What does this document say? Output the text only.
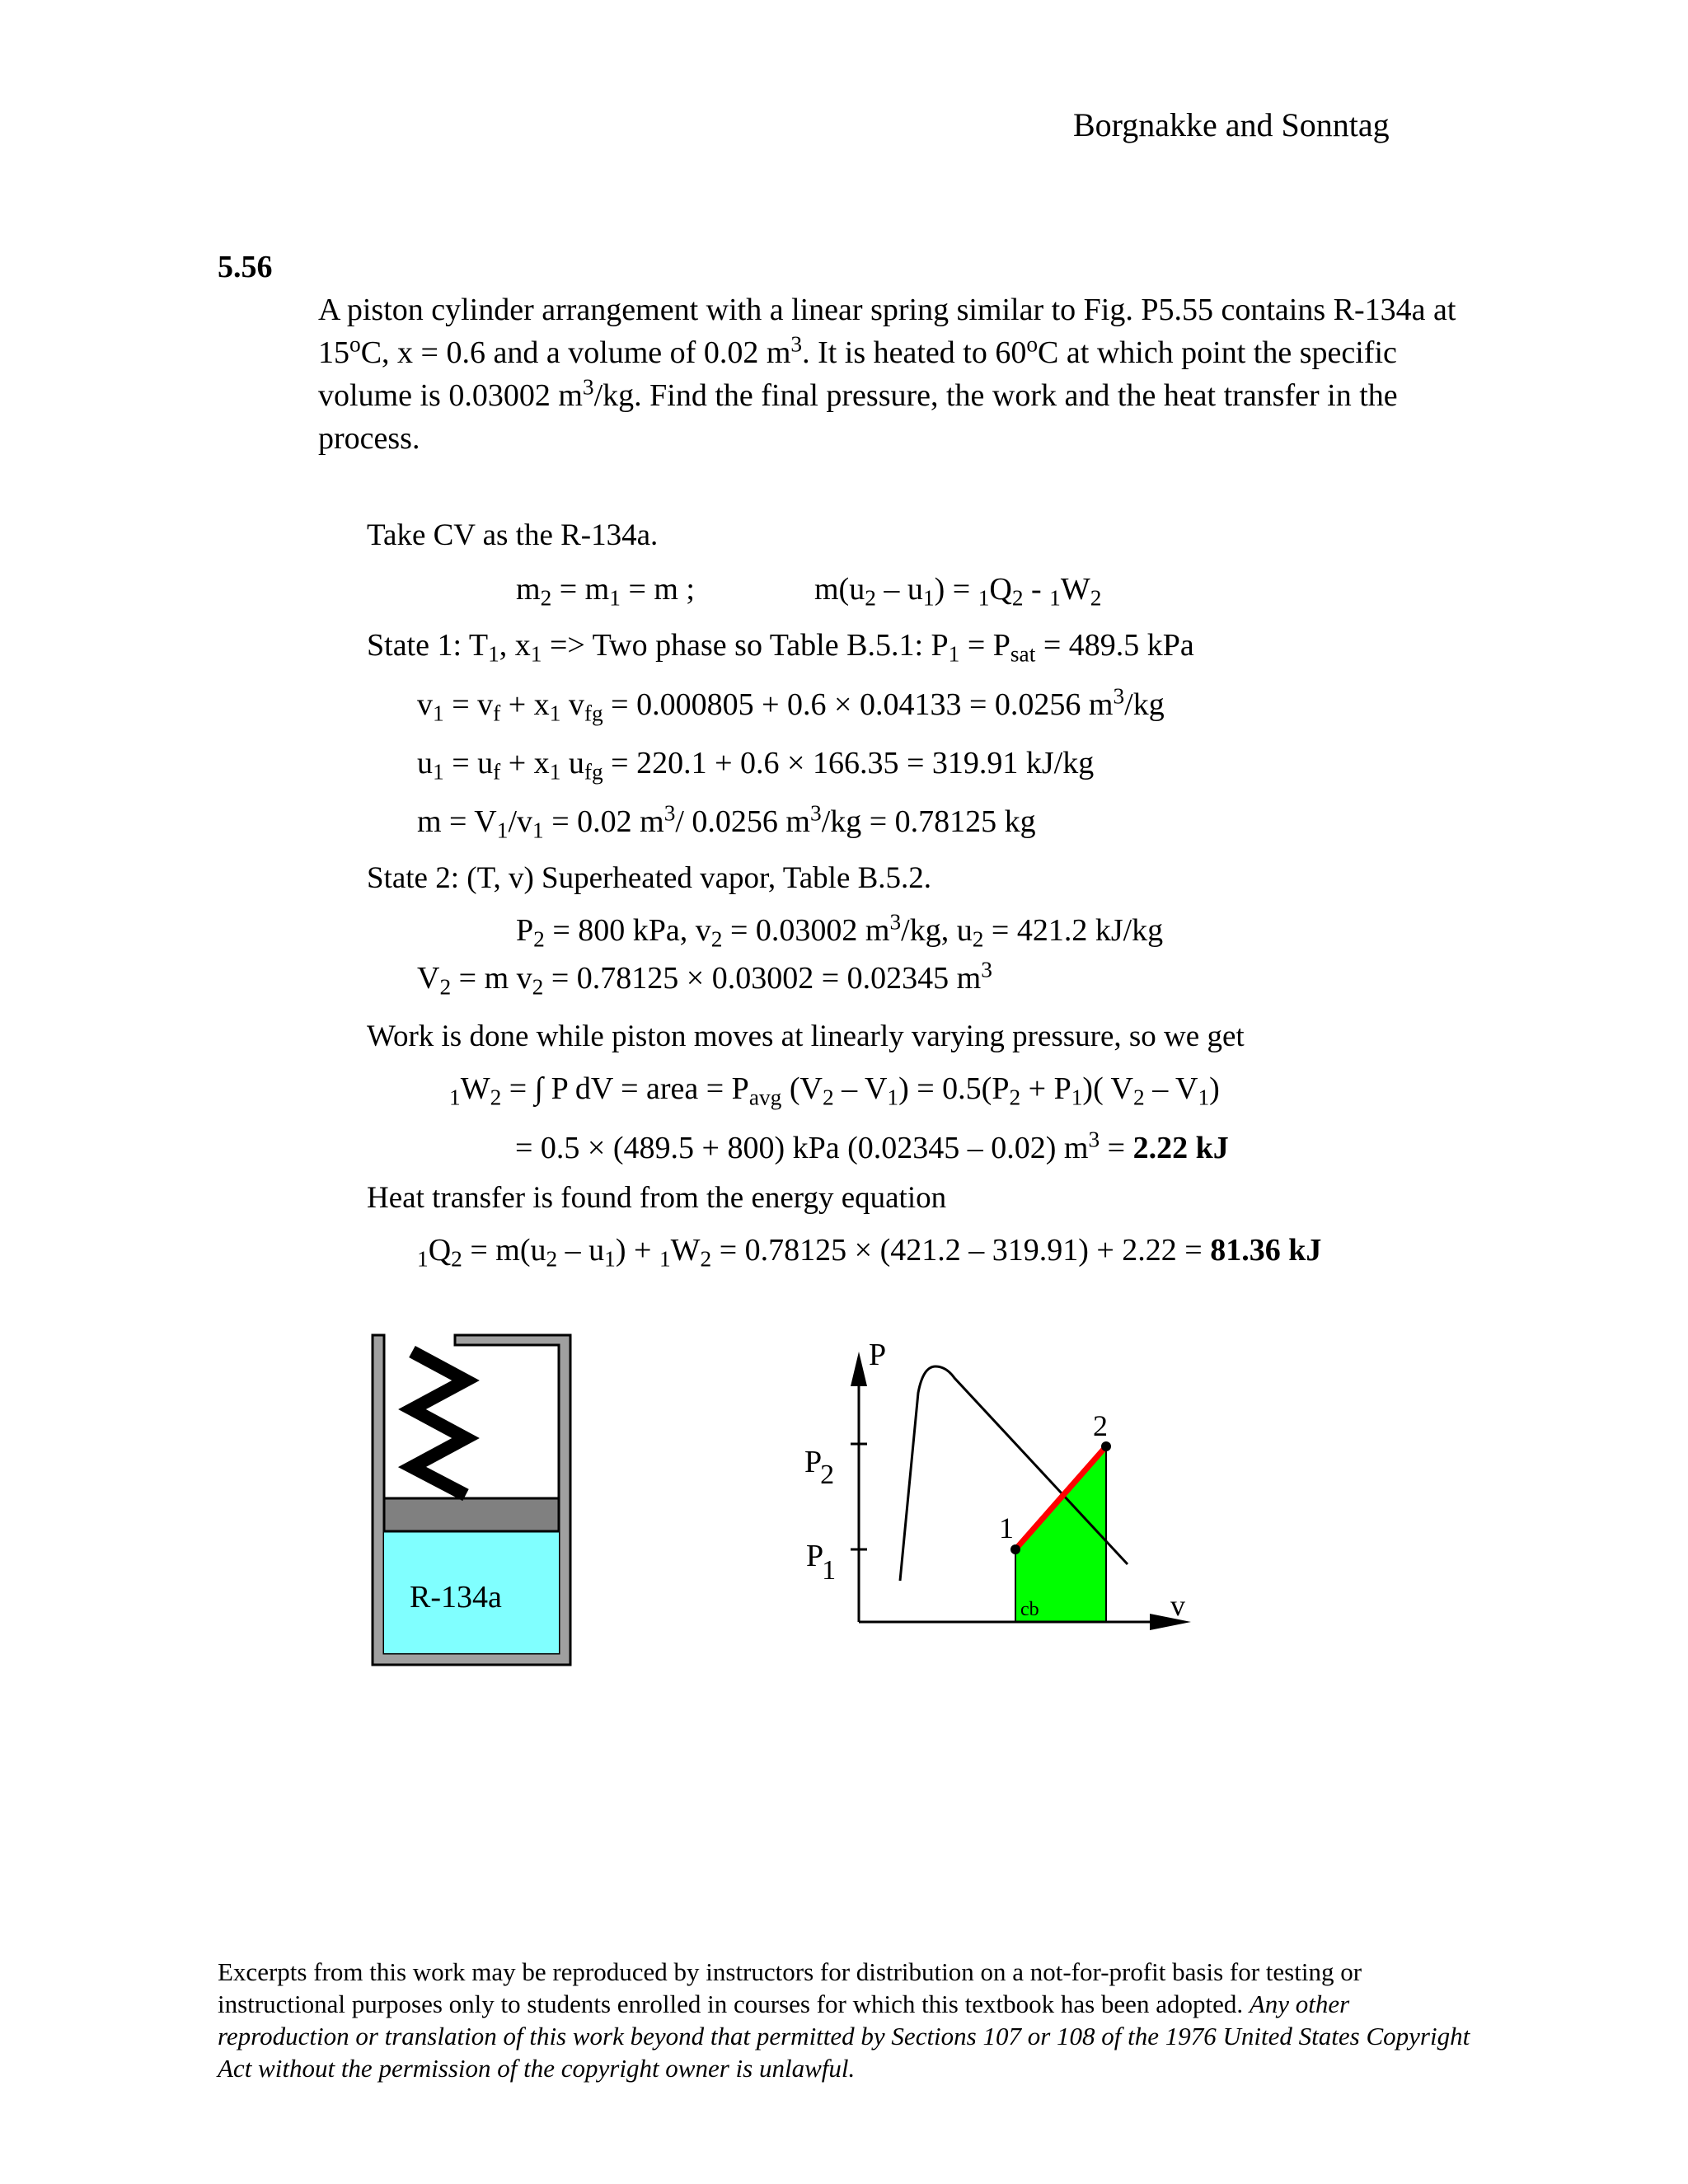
Borgnakke and Sonntag
5.56
A piston cylinder arrangement with a linear spring similar to Fig. P5.55 contains R-134a at 15$^o$C, x = 0.6 and a volume of 0.02 $m^3$. It is heated to 60$^o$C at which point the specific volume is 0.03002 $m^3/kg$. Find the final pressure, the work and the heat transfer in the process.
Take CV as the R-134a.
$m_2 = m_1 = m$ ;	$m(u_2 - u_1) = _1Q_2 - _1W_2$
State 1: $T_1$, $x_1$ => Two phase so Table B.5.1: $P_1 = P_{sat} = 489.5$ kPa
$v_1 = v_f + x_1$ $v_{fg} = 0.000805 + 0.6 \times 0.04133 = 0.0256$ $m^3/kg$
$u_1 = u_f + x_1$ $u_{fg} = 220.1 + 0.6 \times 166.35 = 319.91$ kJ/kg
$m = V_1/v_1 = 0.02$ $m^3/$ 0.0256 $m^3/kg = 0.78125$ kg
State 2: (T, v) Superheated vapor, Table B.5.2.
$P_2 = 800$ kPa, $v_2 = 0.03002$ $m^3/kg$, $u_2 = 421.2$ kJ/kg
$V_2 = m$ $v_2 = 0.78125 \times 0.03002 = 0.02345$ $m^3$
Work is done while piston moves at linearly varying pressure, so we get
$_1W_2$ = ∫ P dV = area = $P_{avg}$ $(V_2 - V_1) = 0.5(P_2 + P_1)$( $V_2 - V_1$)
= 0.5 × (489.5 + 800) kPa (0.02345 – 0.02) $m^3 = 2.22$ kJ
Heat transfer is found from the energy equation
$_1Q_2 = m(u_2 - u_1) + _1W_2 = 0.78125 \times (421.2 - 319.91) + 2.22 = 81.36$ kJ
R-134a
P
v
P2
P1
1
2
cb
Excerpts from this work may be reproduced by instructors for distribution on a not-for-profit basis for testing or instructional purposes only to students enrolled in courses for which this textbook has been adopted. Any other reproduction or translation of this work beyond that permitted by Sections 107 or 108 of the 1976 United States Copyright Act without the permission of the copyright owner is unlawful.
